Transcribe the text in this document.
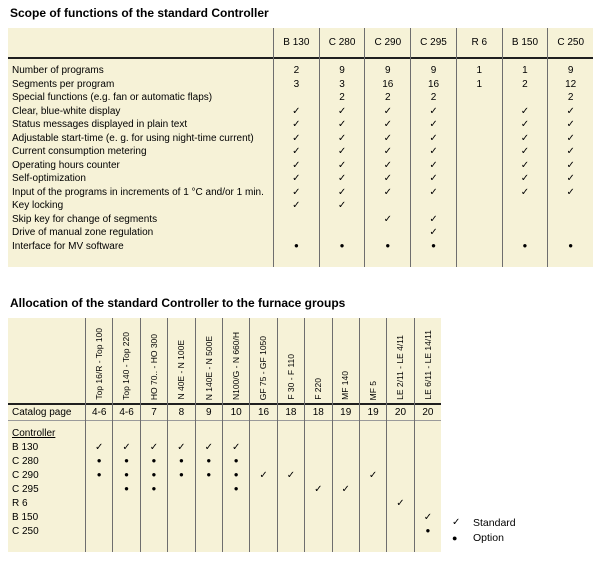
Scope of functions of the standard Controller
Number of programs
Segments per program
Special functions (e.g. fan or automatic flaps)
Clear, blue-white display
Status messages displayed in plain text
Adjustable start-time (e. g. for using night-time current)
Current consumption metering
Operating hours counter
Self-optimization
Input of the programs in increments of 1 °C and/or 1 min.
Key locking
Skip key for change of segments
Drive of manual zone regulation
Interface for MV software
B 130
2
3
✓
✓
✓
✓
✓
✓
✓
✓
●
C 280
9
3
2
✓
✓
✓
✓
✓
✓
✓
✓
●
C 290
9
16
2
✓
✓
✓
✓
✓
✓
✓
✓
●
C 295
9
16
2
✓
✓
✓
✓
✓
✓
✓
✓
✓
●
R 6
1
1
B 150
1
2
✓
✓
✓
✓
✓
✓
✓
●
C 250
9
12
2
✓
✓
✓
✓
✓
✓
✓
●
Allocation of the standard Controller to the furnace groups
Catalog page
Controller
B 130
C 280
C 290
C 295
R 6
B 150
C 250
Top 16/R - Top 100
4-6
✓
●
●
Top 140 - Top 220
4-6
✓
●
●
●
HO 70.. - HO 300
7
✓
●
●
●
N 40E - N 100E
8
✓
●
●
N 140E - N 500E
9
✓
●
●
N100/G - N 660/H
10
✓
●
●
●
GF 75 - GF 1050
16
✓
F 30 - F 110
18
✓
F 220
18
✓
MF 140
19
✓
MF 5
19
✓
LE 2/11 - LE 4/11
20
✓
LE 6/11 - LE 14/11
20
✓
●
✓	Standard
●	Option
